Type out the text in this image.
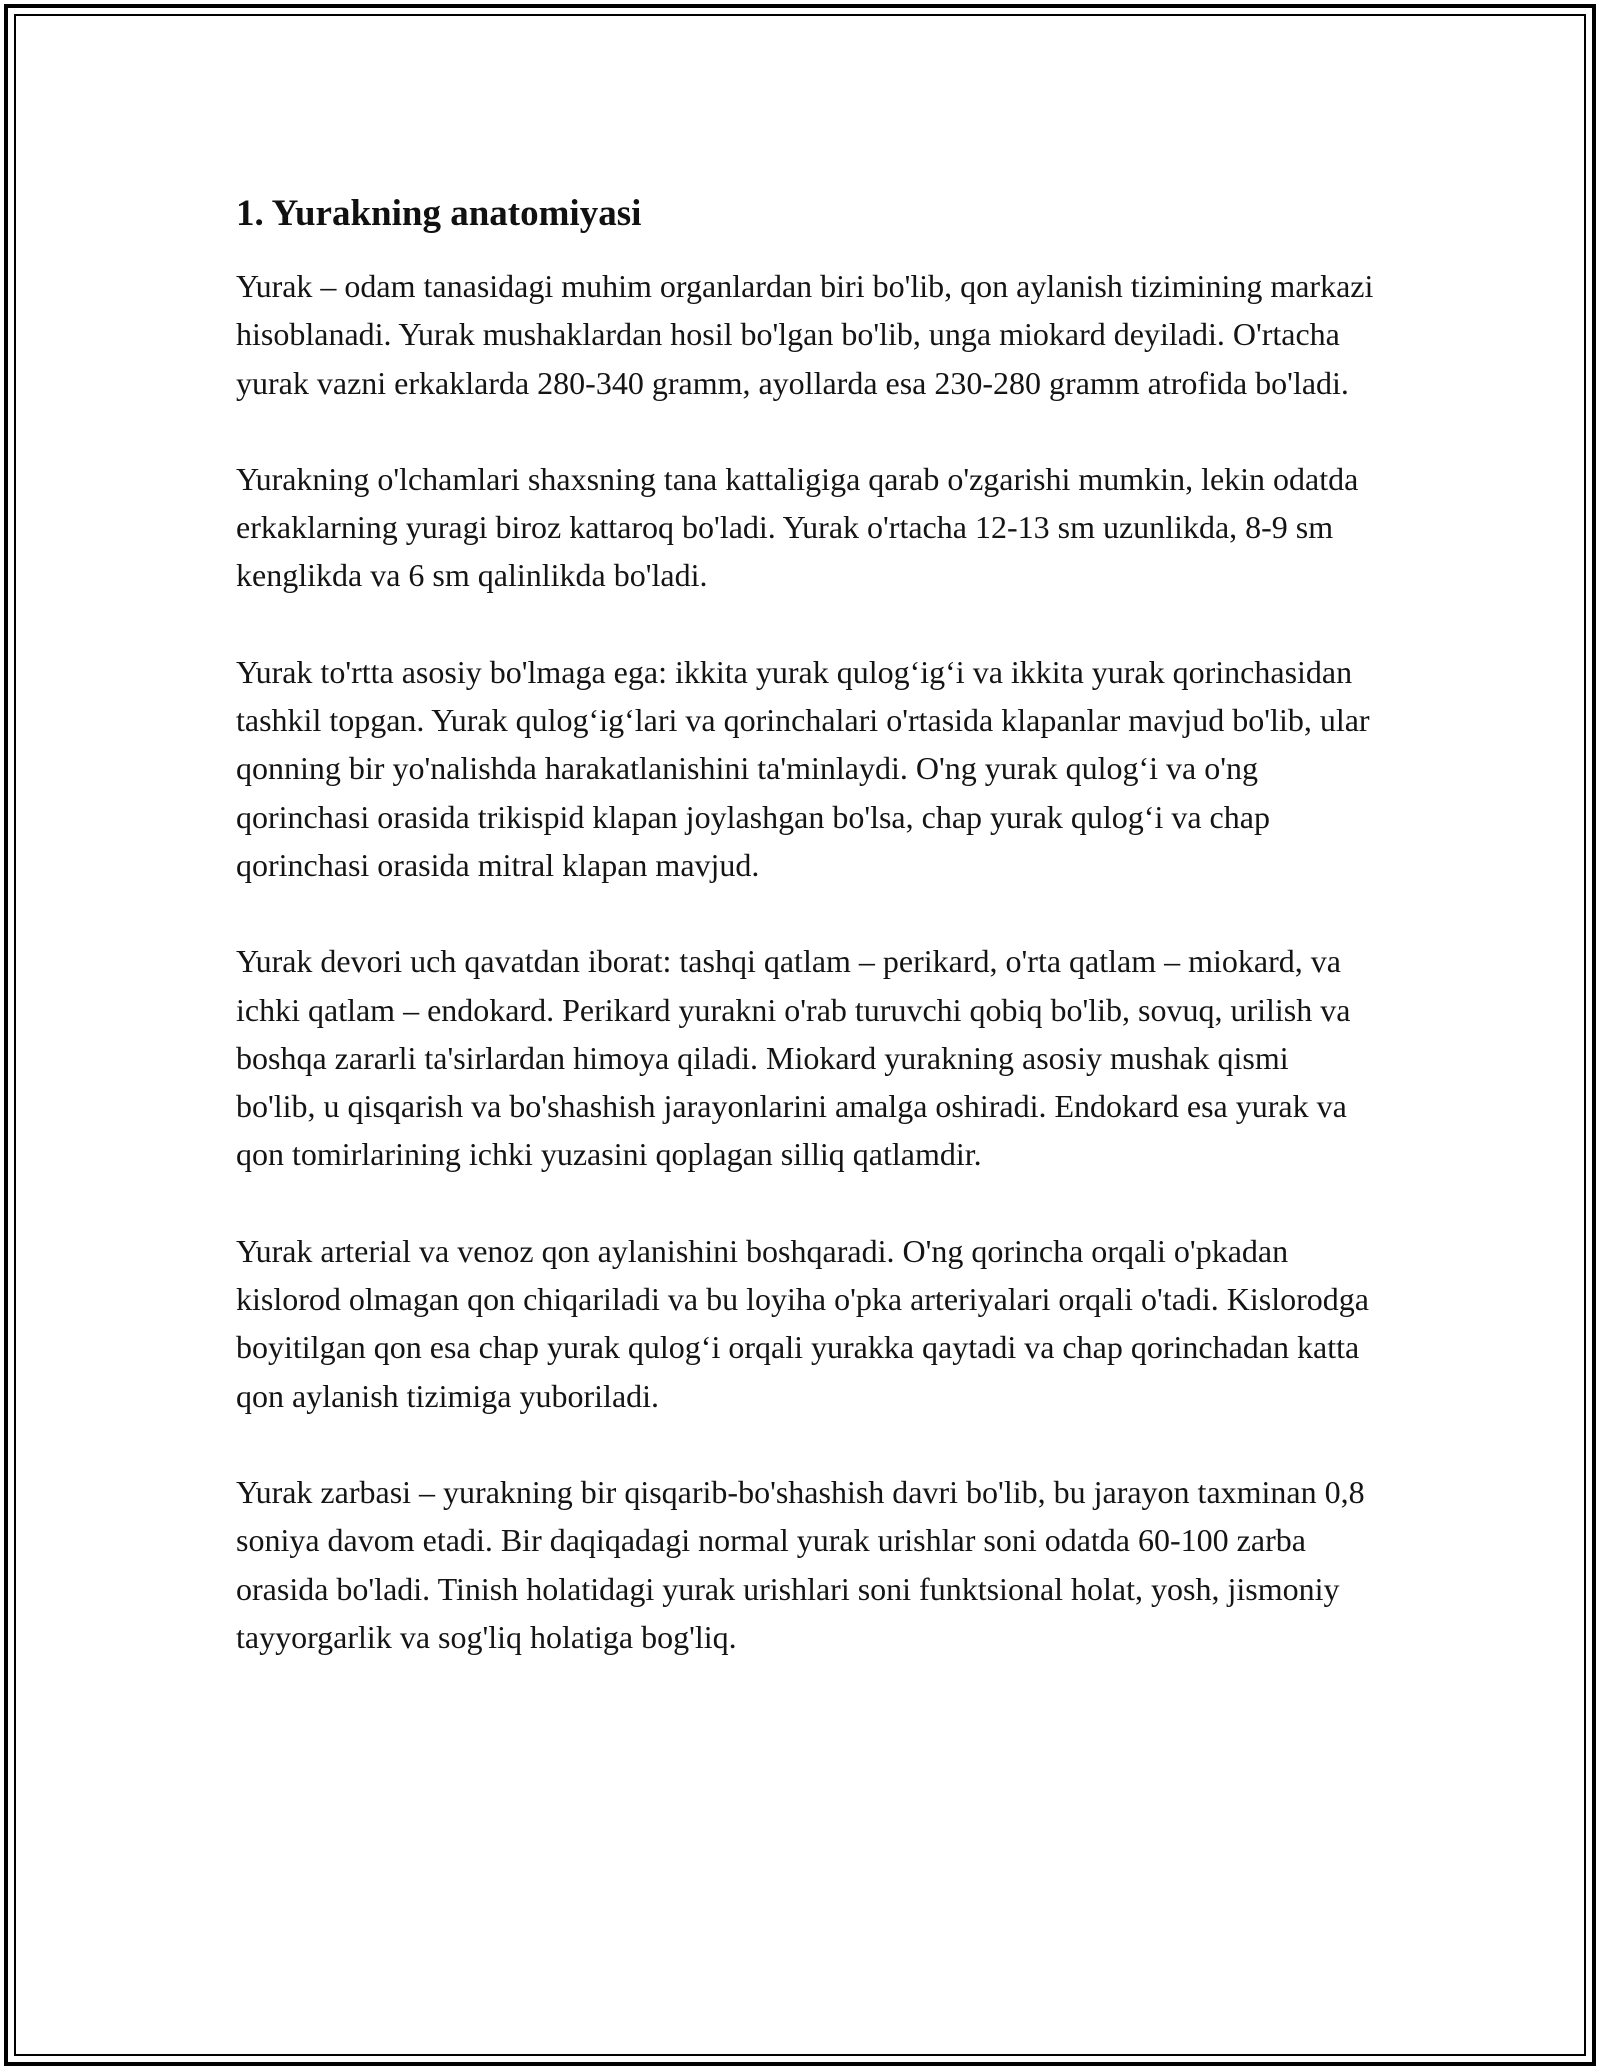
1. Yurakning anatomiyasi

Yurak – odam tanasidagi muhim organlardan biri bo'lib, qon aylanish tizimining markazi hisoblanadi. Yurak mushaklardan hosil bo'lgan bo'lib, unga miokard deyiladi. O'rtacha yurak vazni erkaklarda 280-340 gramm, ayollarda esa 230-280 gramm atrofida bo'ladi.

Yurakning o'lchamlari shaxsning tana kattaligiga qarab o'zgarishi mumkin, lekin odatda erkaklarning yuragi biroz kattaroq bo'ladi. Yurak o'rtacha 12-13 sm uzunlikda, 8-9 sm kenglikda va 6 sm qalinlikda bo'ladi.

Yurak to'rtta asosiy bo'lmaga ega: ikkita yurak qulogʻigʻi va ikkita yurak qorinchasidan tashkil topgan. Yurak qulogʻigʻlari va qorinchalari o'rtasida klapanlar mavjud bo'lib, ular qonning bir yo'nalishda harakatlanishini ta'minlaydi. O'ng yurak qulogʻi va o'ng qorinchasi orasida trikispid klapan joylashgan bo'lsa, chap yurak qulogʻi va chap qorinchasi orasida mitral klapan mavjud.

Yurak devori uch qavatdan iborat: tashqi qatlam – perikard, o'rta qatlam – miokard, va ichki qatlam – endokard. Perikard yurakni o'rab turuvchi qobiq bo'lib, sovuq, urilish va boshqa zararli ta'sirlardan himoya qiladi. Miokard yurakning asosiy mushak qismi bo'lib, u qisqarish va bo'shashish jarayonlarini amalga oshiradi. Endokard esa yurak va qon tomirlarining ichki yuzasini qoplagan silliq qatlamdir.

Yurak arterial va venoz qon aylanishini boshqaradi. O'ng qorincha orqali o'pkadan kislorod olmagan qon chiqariladi va bu loyiha o'pka arteriyalari orqali o'tadi. Kislorodga boyitilgan qon esa chap yurak qulogʻi orqali yurakka qaytadi va chap qorinchadan katta qon aylanish tizimiga yuboriladi.

Yurak zarbasi – yurakning bir qisqarib-bo'shashish davri bo'lib, bu jarayon taxminan 0,8 soniya davom etadi. Bir daqiqadagi normal yurak urishlar soni odatda 60-100 zarba orasida bo'ladi. Tinish holatidagi yurak urishlari soni funktsional holat, yosh, jismoniy tayyorgarlik va sog'liq holatiga bog'liq.
